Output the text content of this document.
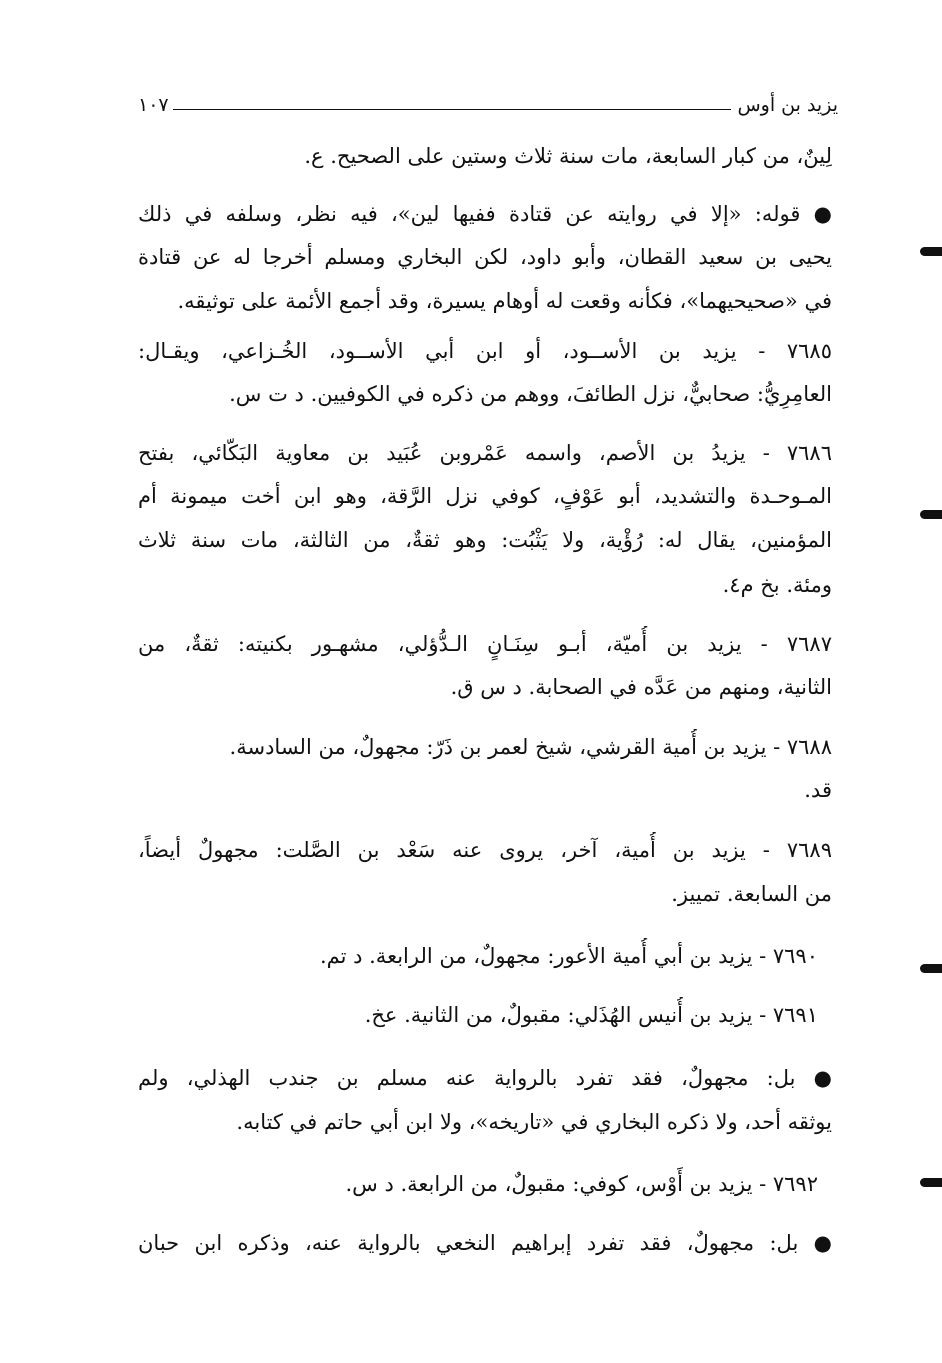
يزيد بن أوس
١٠٧
لِينٌ، من كبار السابعة، مات سنة ثلاث وستين على الصحيح. ع.
● قوله: «إلا في روايته عن قتادة ففيها لين»، فيه نظر، وسلفه في ذلك
يحيى بن سعيد القطان، وأبو داود، لكن البخاري ومسلم أخرجا له عن قتادة
في «صحيحيهما»، فكأنه وقعت له أوهام يسيرة، وقد أجمع الأئمة على توثيقه.
٧٦٨٥ - يزيد بن الأســود، أو ابن أبي الأســود، الخُـزاعي، ويقـال:
العامِرِيُّ: صحابيٌّ، نزل الطائفَ، ووهم من ذكره في الكوفيين. د ت س.
٧٦٨٦ - يزيدُ بن الأصم، واسمه عَمْروبن عُبَيد بن معاوية البَكّائي، بفتح
المـوحـدة والتشديد، أبو عَوْفٍ، كوفي نزل الرَّقة، وهو ابن أخت ميمونة أم
المؤمنين، يقال له: رُؤْية، ولا يَثْبُت: وهو ثقةٌ، من الثالثة، مات سنة ثلاث
ومئة. بخ م٤.
٧٦٨٧ - يزيد بن أُميّة، أبـو سِنَـانٍ الـدُّؤلي، مشهـور بكنيته: ثقةٌ، من
الثانية، ومنهم من عَدَّه في الصحابة. د س ق.
٧٦٨٨ - يزيد بن أُمية القرشي، شيخ لعمر بن ذَرّ: مجهولٌ، من السادسة.
قد.
٧٦٨٩ - يزيد بن أُمية، آخر، يروى عنه سَعْد بن الصَّلت: مجهولٌ أيضاً،
من السابعة. تمييز.
٧٦٩٠ - يزيد بن أبي أُمية الأعور: مجهولٌ، من الرابعة. د تم.
٧٦٩١ - يزيد بن أُنيس الهُذَلي: مقبولٌ، من الثانية. عخ.
● بل: مجهولٌ، فقد تفرد بالرواية عنه مسلم بن جندب الهذلي، ولم
يوثقه أحد، ولا ذكره البخاري في «تاريخه»، ولا ابن أبي حاتم في كتابه.
٧٦٩٢ - يزيد بن أَوْس، كوفي: مقبولٌ، من الرابعة. د س.
● بل: مجهولٌ، فقد تفرد إبراهيم النخعي بالرواية عنه، وذكره ابن حبان
